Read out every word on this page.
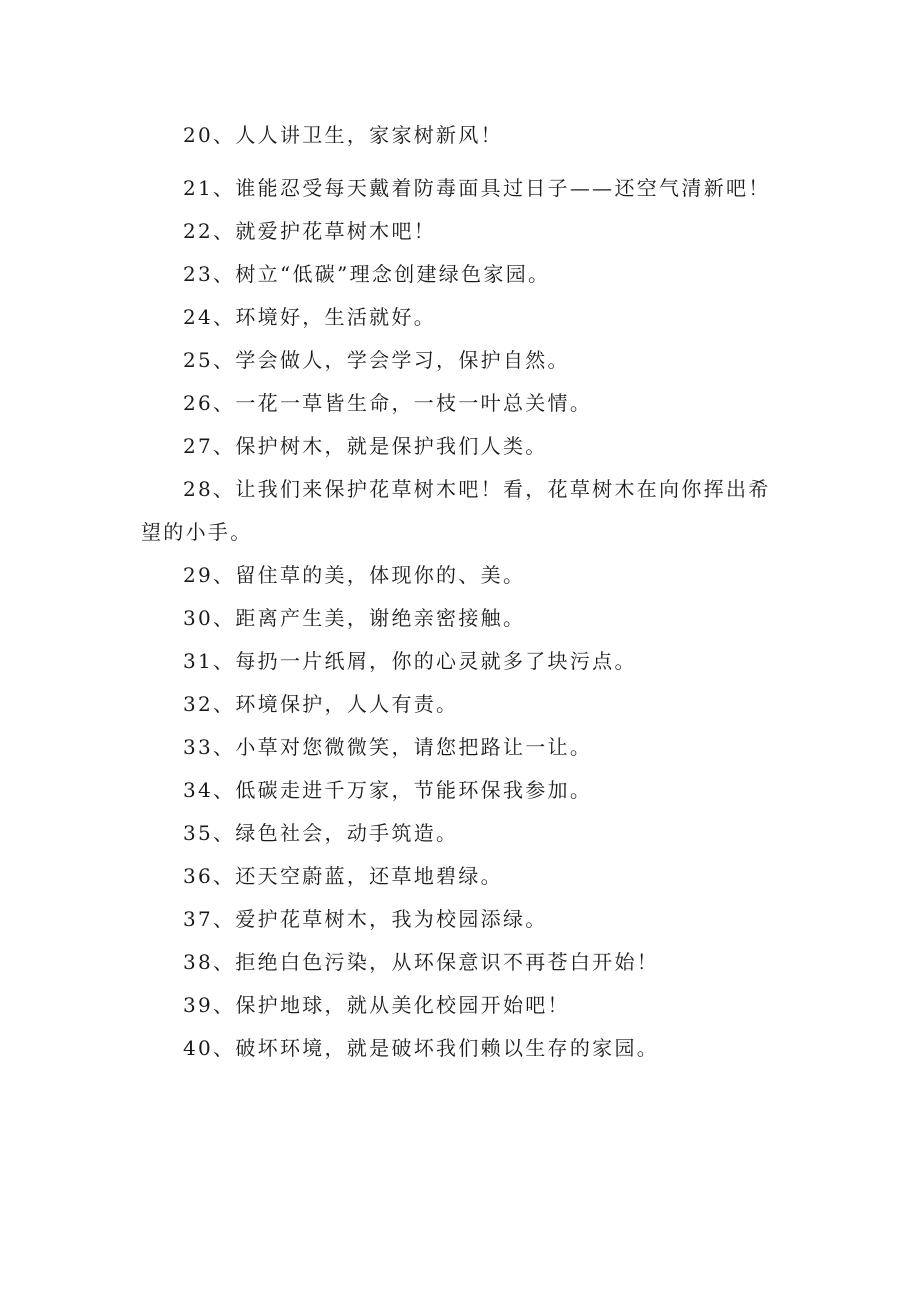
20、人人讲卫生，家家树新风！

21、谁能忍受每天戴着防毒面具过日子——还空气清新吧！

22、就爱护花草树木吧！

23、树立“低碳”理念创建绿色家园。

24、环境好，生活就好。

25、学会做人，学会学习，保护自然。

26、一花一草皆生命，一枝一叶总关情。

27、保护树木，就是保护我们人类。

28、让我们来保护花草树木吧！看，花草树木在向你挥出希望的小手。

29、留住草的美，体现你的、美。

30、距离产生美，谢绝亲密接触。

31、每扔一片纸屑，你的心灵就多了块污点。

32、环境保护，人人有责。

33、小草对您微微笑，请您把路让一让。

34、低碳走进千万家，节能环保我参加。

35、绿色社会，动手筑造。

36、还天空蔚蓝，还草地碧绿。

37、爱护花草树木，我为校园添绿。

38、拒绝白色污染，从环保意识不再苍白开始！

39、保护地球，就从美化校园开始吧！

40、破坏环境，就是破坏我们赖以生存的家园。
